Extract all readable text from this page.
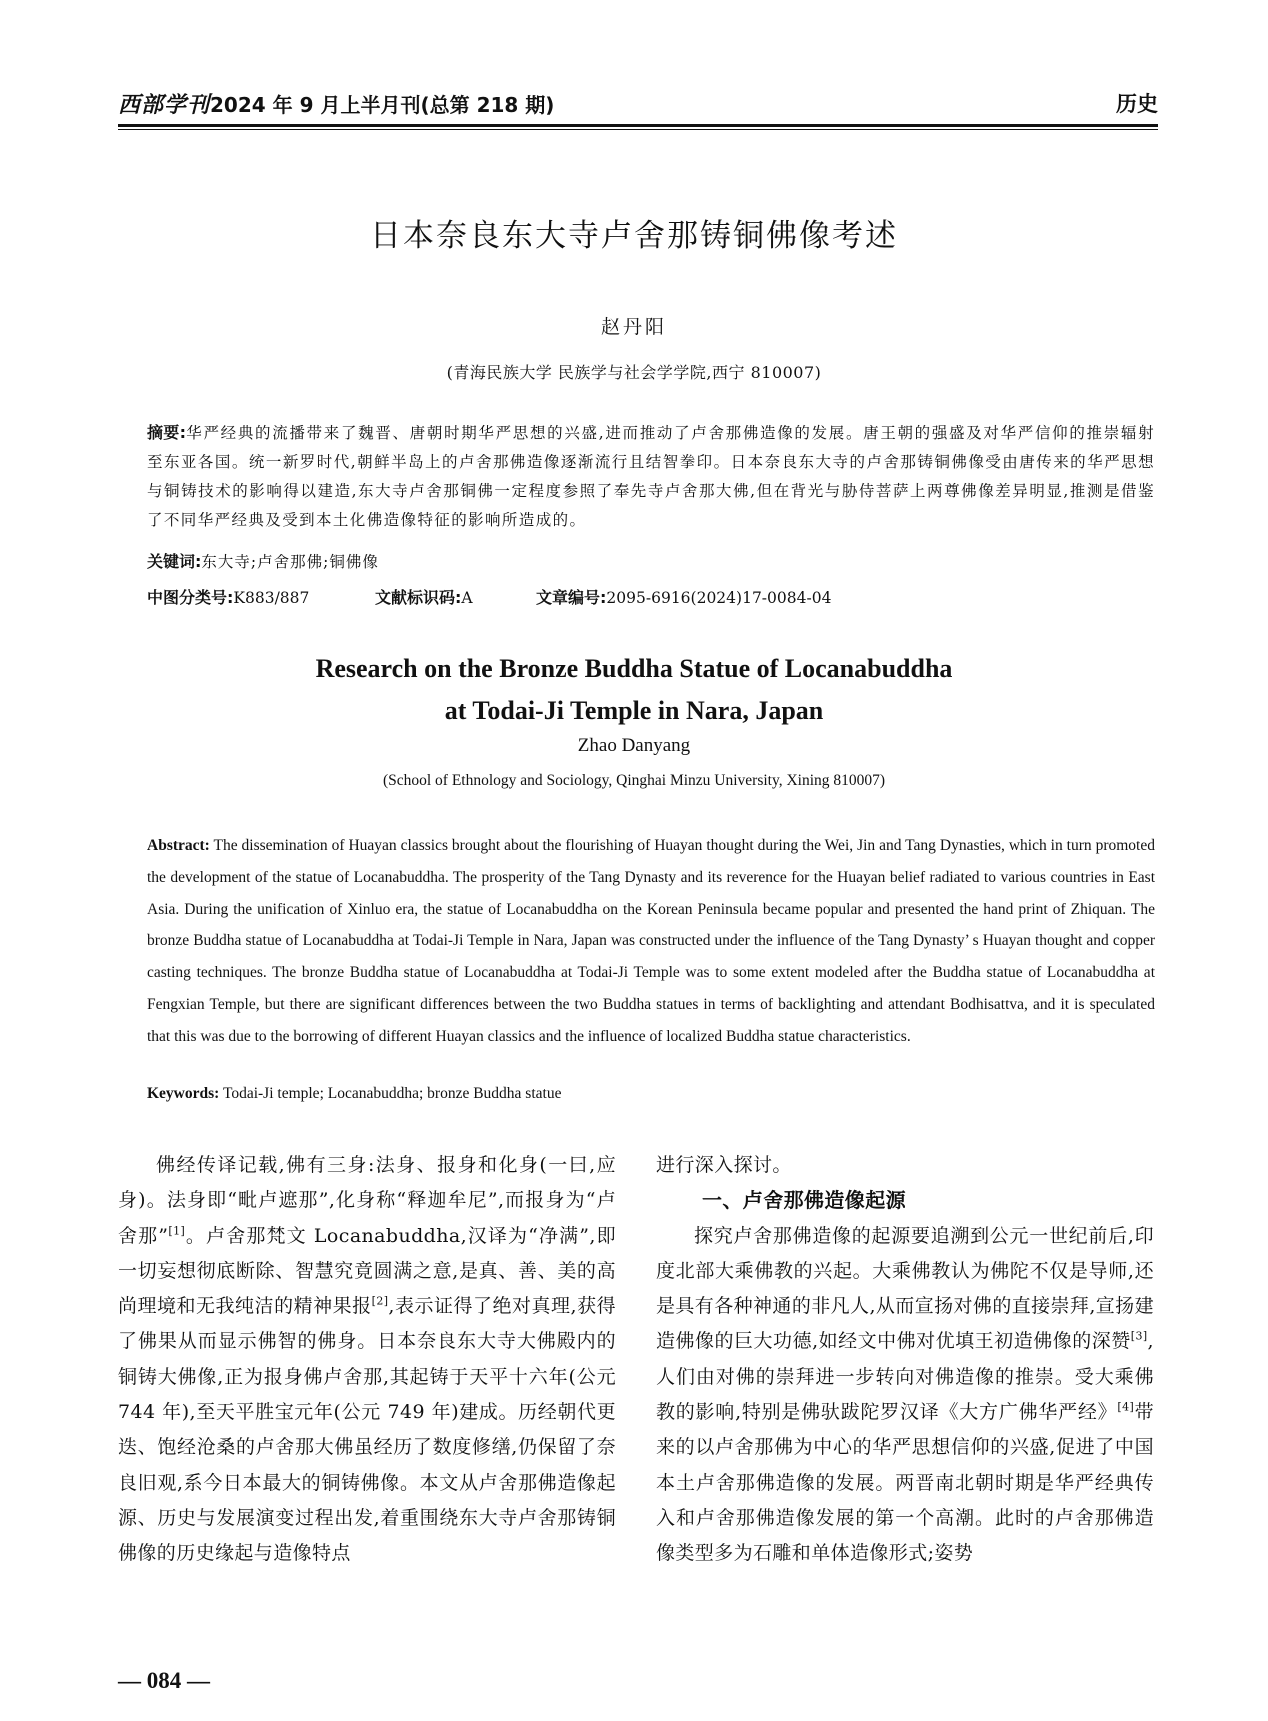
西部学刊2024 年 9 月上半月刊(总第 218 期)	历史
日本奈良东大寺卢舍那铸铜佛像考述
赵丹阳
(青海民族大学 民族学与社会学学院,西宁 810007)
摘要:华严经典的流播带来了魏晋、唐朝时期华严思想的兴盛,进而推动了卢舍那佛造像的发展。唐王朝的强盛及对华严信仰的推崇辐射至东亚各国。统一新罗时代,朝鲜半岛上的卢舍那佛造像逐渐流行且结智拳印。日本奈良东大寺的卢舍那铸铜佛像受由唐传来的华严思想与铜铸技术的影响得以建造,东大寺卢舍那铜佛一定程度参照了奉先寺卢舍那大佛,但在背光与胁侍菩萨上两尊佛像差异明显,推测是借鉴了不同华严经典及受到本土化佛造像特征的影响所造成的。
关键词:东大寺;卢舍那佛;铜佛像
中图分类号:K883/887	文献标识码:A	文章编号:2095-6916(2024)17-0084-04
Research on the Bronze Buddha Statue of Locanabuddha
at Todai-Ji Temple in Nara, Japan
Zhao Danyang
(School of Ethnology and Sociology, Qinghai Minzu University, Xining 810007)
Abstract: The dissemination of Huayan classics brought about the flourishing of Huayan thought during the Wei, Jin and Tang Dynasties, which in turn promoted the development of the statue of Locanabuddha. The prosperity of the Tang Dynasty and its reverence for the Huayan belief radiated to various countries in East Asia. During the unification of Xinluo era, the statue of Locanabuddha on the Korean Peninsula became popular and presented the hand print of Zhiquan. The bronze Buddha statue of Locanabuddha at Todai-Ji Temple in Nara, Japan was constructed under the influence of the Tang Dynasty’ s Huayan thought and copper casting techniques. The bronze Buddha statue of Locanabuddha at Todai-Ji Temple was to some extent modeled after the Buddha statue of Locanabuddha at Fengxian Temple, but there are significant differences between the two Buddha statues in terms of backlighting and attendant Bodhisattva, and it is speculated that this was due to the borrowing of different Huayan classics and the influence of localized Buddha statue characteristics.
Keywords: Todai-Ji temple; Locanabuddha; bronze Buddha statue

佛经传译记载,佛有三身:法身、报身和化身(一曰,应身)。法身即“毗卢遮那”,化身称“释迦牟尼”,而报身为“卢舍那”[1]。卢舍那梵文 Locanabuddha,汉译为“净满”,即一切妄想彻底断除、智慧究竟圆满之意,是真、善、美的高尚理境和无我纯洁的精神果报[2],表示证得了绝对真理,获得了佛果从而显示佛智的佛身。日本奈良东大寺大佛殿内的铜铸大佛像,正为报身佛卢舍那,其起铸于天平十六年(公元 744 年),至天平胜宝元年(公元 749 年)建成。历经朝代更迭、饱经沧桑的卢舍那大佛虽经历了数度修缮,仍保留了奈良旧观,系今日本最大的铜铸佛像。本文从卢舍那佛造像起源、历史与发展演变过程出发,着重围绕东大寺卢舍那铸铜佛像的历史缘起与造像特点

进行深入探讨。

一、卢舍那佛造像起源

探究卢舍那佛造像的起源要追溯到公元一世纪前后,印度北部大乘佛教的兴起。大乘佛教认为佛陀不仅是导师,还是具有各种神通的非凡人,从而宣扬对佛的直接崇拜,宣扬建造佛像的巨大功德,如经文中佛对优填王初造佛像的深赞[3],人们由对佛的崇拜进一步转向对佛造像的推崇。受大乘佛教的影响,特别是佛驮跋陀罗汉译《大方广佛华严经》[4]带来的以卢舍那佛为中心的华严思想信仰的兴盛,促进了中国本土卢舍那佛造像的发展。两晋南北朝时期是华严经典传入和卢舍那佛造像发展的第一个高潮。此时的卢舍那佛造像类型多为石雕和单体造像形式;姿势

— 084 —
